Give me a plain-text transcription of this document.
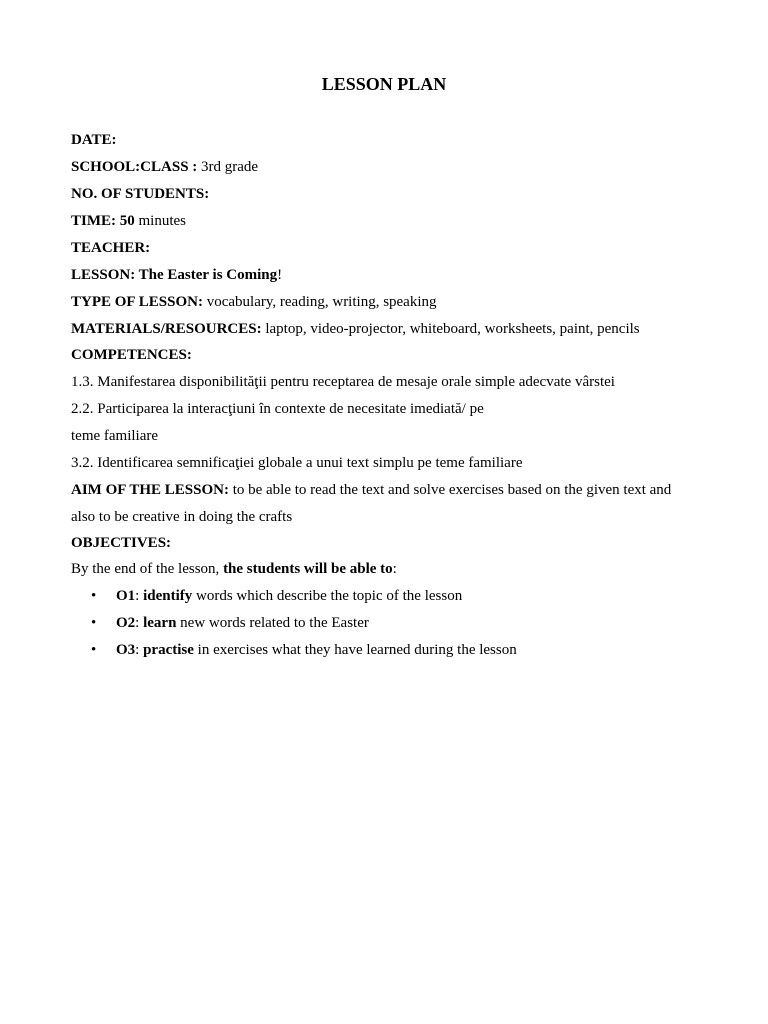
LESSON PLAN
DATE:
SCHOOL:CLASS : 3rd grade
NO. OF STUDENTS:
TIME: 50 minutes
TEACHER:
LESSON: The Easter is Coming!
TYPE OF LESSON: vocabulary, reading, writing, speaking
MATERIALS/RESOURCES: laptop, video-projector, whiteboard, worksheets, paint, pencils
COMPETENCES:
1.3. Manifestarea disponibilităţii pentru receptarea de mesaje orale simple adecvate vârstei
2.2. Participarea la interacţiuni în contexte de necesitate imediată/ pe
teme familiare
3.2. Identificarea semnificaţiei globale a unui text simplu pe teme familiare
AIM OF THE LESSON: to be able to read the text and solve exercises based on the given text and
also to be creative in doing the crafts
OBJECTIVES:
By the end of the lesson, the students will be able to:
• O1: identify words which describe the topic of the lesson
• O2: learn new words related to the Easter
• O3: practise in exercises what they have learned during the lesson
